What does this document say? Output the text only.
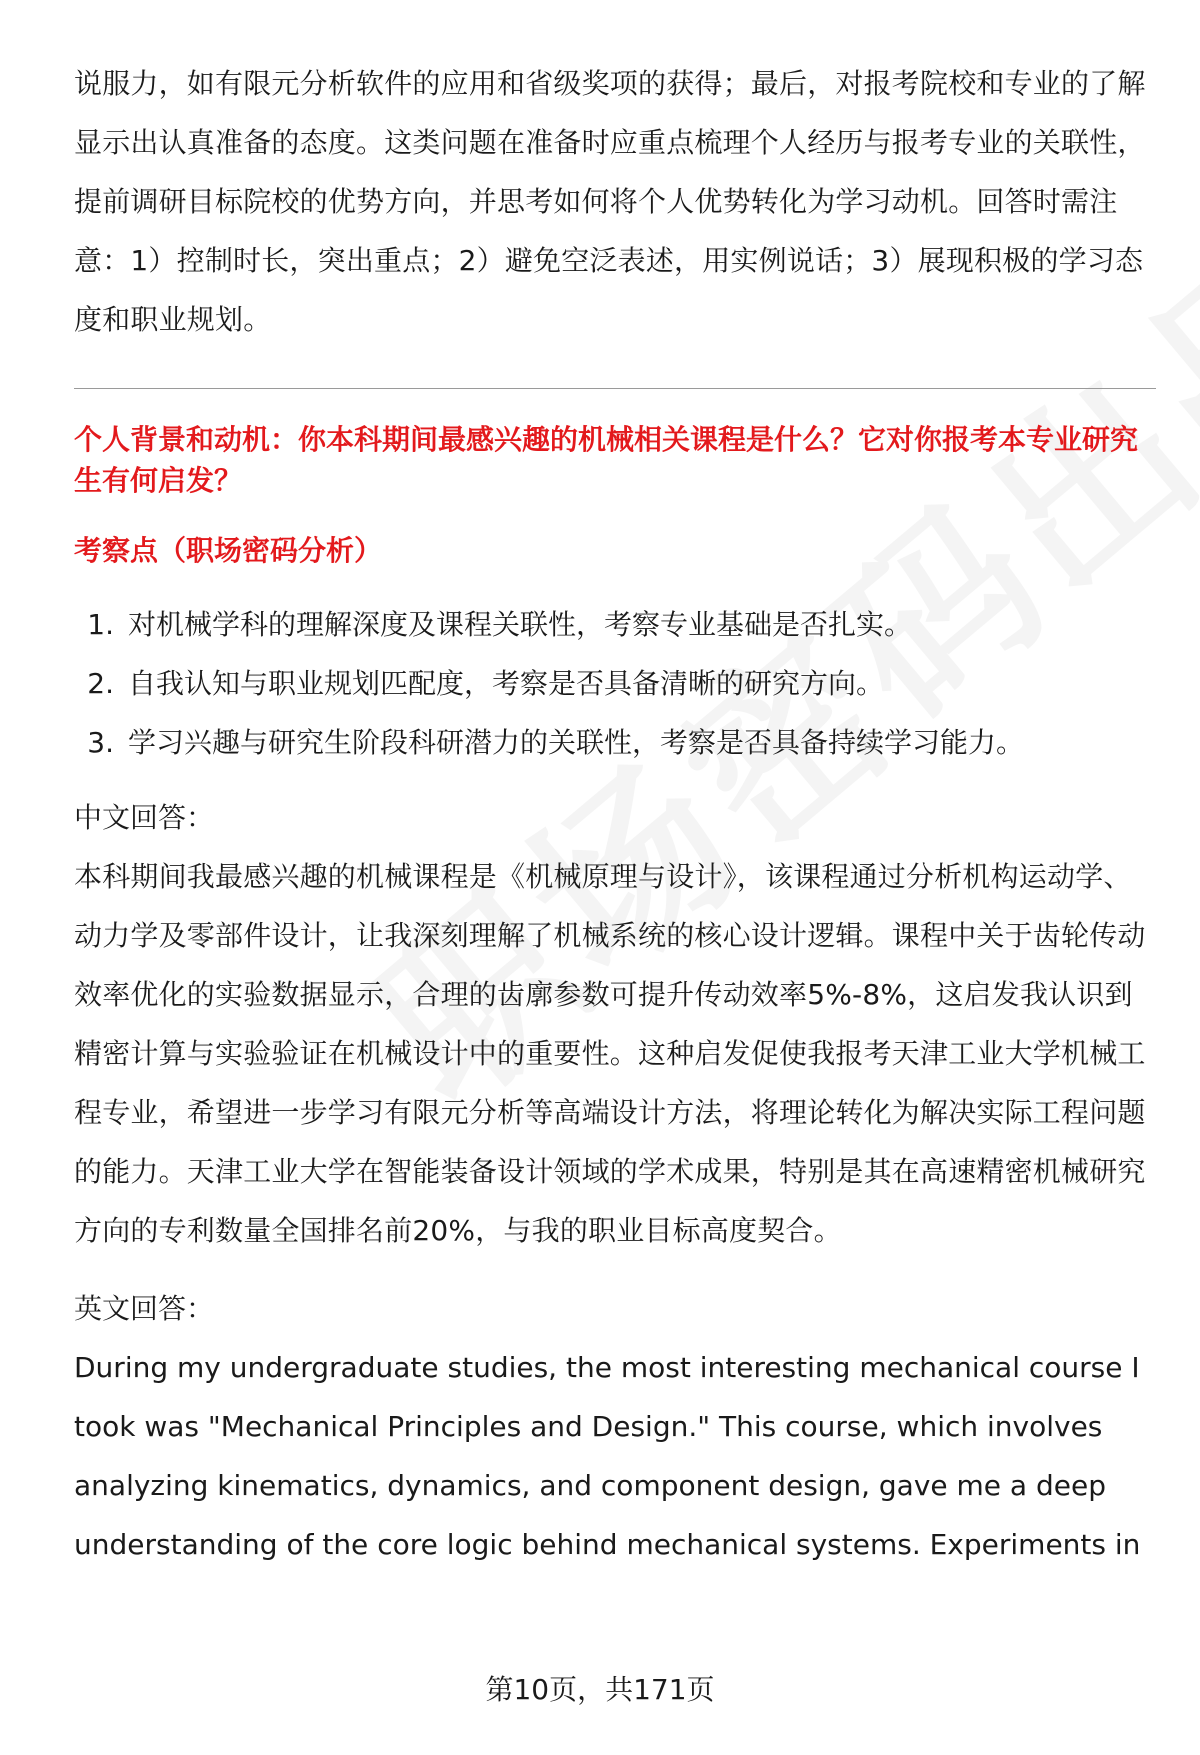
说服力，如有限元分析软件的应用和省级奖项的获得；最后，对报考院校和专业的了解显示出认真准备的态度。这类问题在准备时应重点梳理个人经历与报考专业的关联性，提前调研目标院校的优势方向，并思考如何将个人优势转化为学习动机。回答时需注意：1）控制时长，突出重点；2）避免空泛表述，用实例说话；3）展现积极的学习态度和职业规划。

个人背景和动机：你本科期间最感兴趣的机械相关课程是什么？它对你报考本专业研究生有何启发？

考察点（职场密码分析）

1. 对机械学科的理解深度及课程关联性，考察专业基础是否扎实。
2. 自我认知与职业规划匹配度，考察是否具备清晰的研究方向。
3. 学习兴趣与研究生阶段科研潜力的关联性，考察是否具备持续学习能力。

中文回答：

本科期间我最感兴趣的机械课程是《机械原理与设计》，该课程通过分析机构运动学、动力学及零部件设计，让我深刻理解了机械系统的核心设计逻辑。课程中关于齿轮传动效率优化的实验数据显示，合理的齿廓参数可提升传动效率5%-8%，这启发我认识到精密计算与实验验证在机械设计中的重要性。这种启发促使我报考天津工业大学机械工程专业，希望进一步学习有限元分析等高端设计方法，将理论转化为解决实际工程问题的能力。天津工业大学在智能装备设计领域的学术成果，特别是其在高速精密机械研究方向的专利数量全国排名前20%，与我的职业目标高度契合。

英文回答：

During my undergraduate studies, the most interesting mechanical course I took was "Mechanical Principles and Design." This course, which involves analyzing kinematics, dynamics, and component design, gave me a deep understanding of the core logic behind mechanical systems. Experiments in

第10页，共171页
